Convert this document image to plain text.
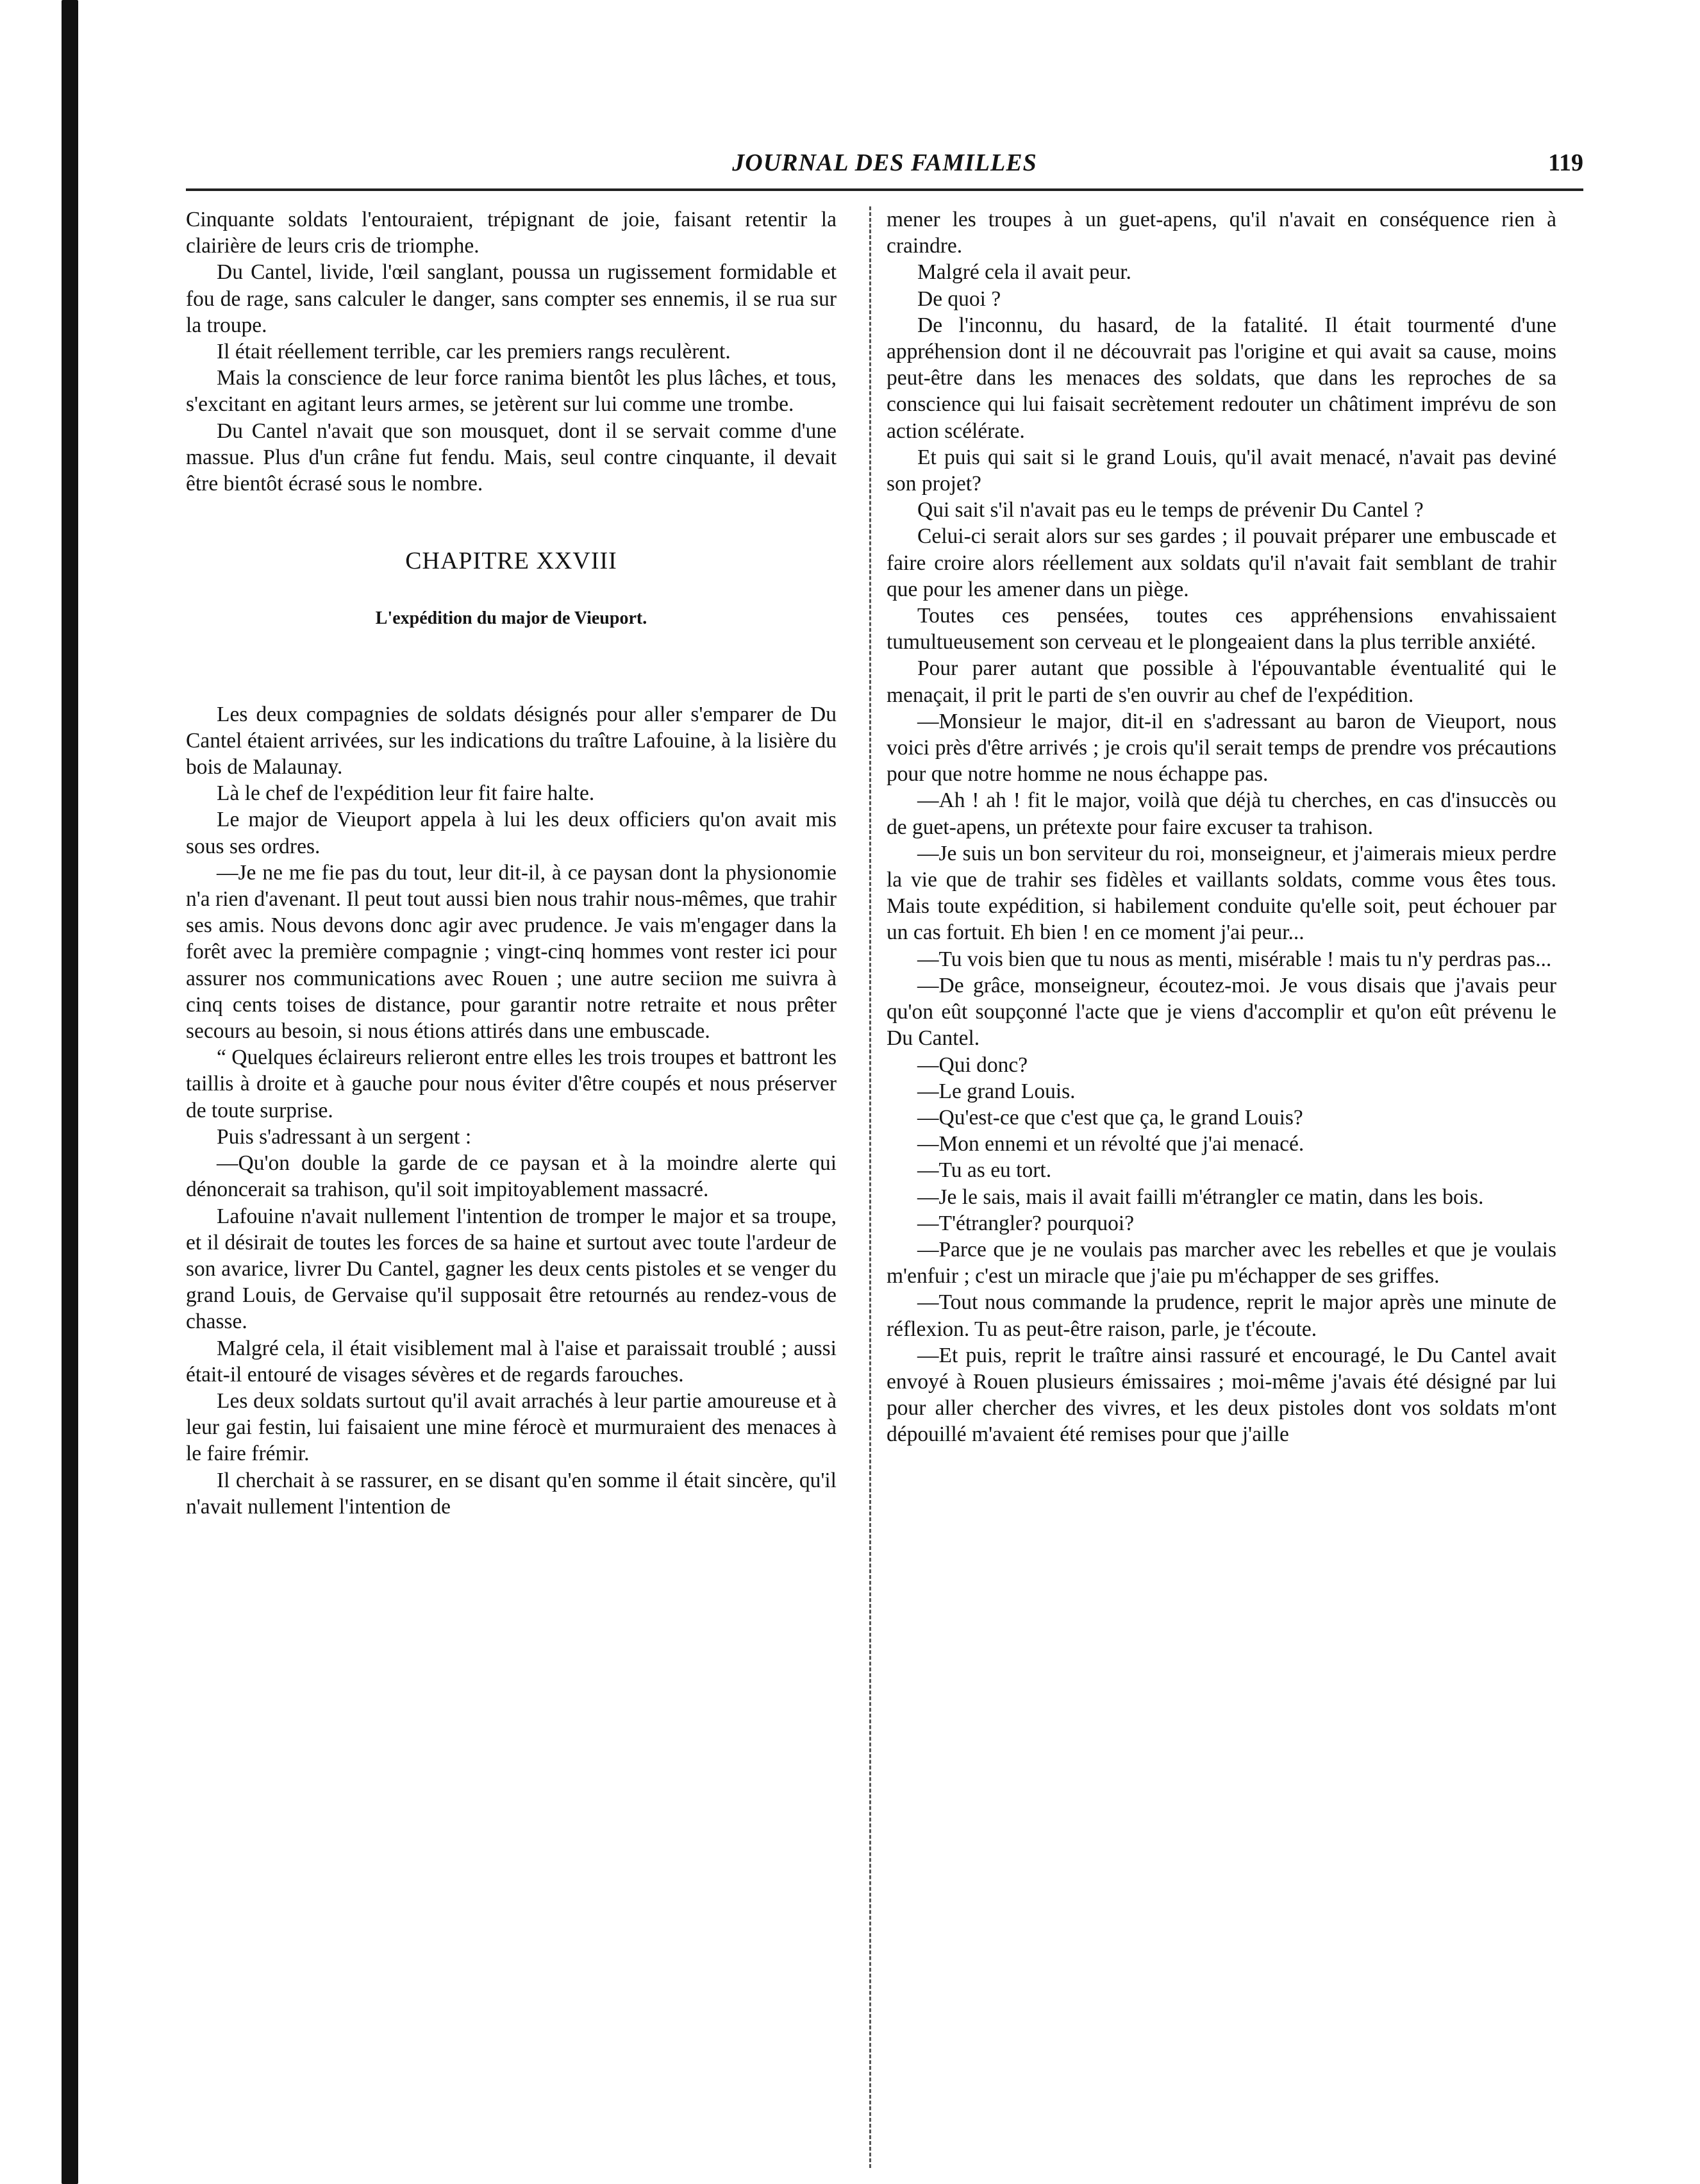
JOURNAL DES FAMILLES	119

Cinquante soldats l'entouraient, trépignant de joie, faisant retentir la clairière de leurs cris de triomphe.

Du Cantel, livide, l'œil sanglant, poussa un rugissement formidable et fou de rage, sans calculer le danger, sans compter ses ennemis, il se rua sur la troupe.

Il était réellement terrible, car les premiers rangs reculèrent.

Mais la conscience de leur force ranima bientôt les plus lâches, et tous, s'excitant en agitant leurs armes, se jetèrent sur lui comme une trombe.

Du Cantel n'avait que son mousquet, dont il se servait comme d'une massue. Plus d'un crâne fut fendu. Mais, seul contre cinquante, il devait être bientôt écrasé sous le nombre.

CHAPITRE XXVIII
L'expédition du major de Vieuport.

Les deux compagnies de soldats désignés pour aller s'emparer de Du Cantel étaient arrivées, sur les indications du traître Lafouine, à la lisière du bois de Malaunay.

Là le chef de l'expédition leur fit faire halte.

Le major de Vieuport appela à lui les deux officiers qu'on avait mis sous ses ordres.

—Je ne me fie pas du tout, leur dit-il, à ce paysan dont la physionomie n'a rien d'avenant. Il peut tout aussi bien nous trahir nous-mêmes, que trahir ses amis. Nous devons donc agir avec prudence. Je vais m'engager dans la forêt avec la première compagnie ; vingt-cinq hommes vont rester ici pour assurer nos communications avec Rouen ; une autre seciion me suivra à cinq cents toises de distance, pour garantir notre retraite et nous prêter secours au besoin, si nous étions attirés dans une embuscade.

“ Quelques éclaireurs relieront entre elles les trois troupes et battront les taillis à droite et à gauche pour nous éviter d'être coupés et nous préserver de toute surprise.

Puis s'adressant à un sergent :

—Qu'on double la garde de ce paysan et à la moindre alerte qui dénoncerait sa trahison, qu'il soit impitoyablement massacré.

Lafouine n'avait nullement l'intention de tromper le major et sa troupe, et il désirait de toutes les forces de sa haine et surtout avec toute l'ardeur de son avarice, livrer Du Cantel, gagner les deux cents pistoles et se venger du grand Louis, de Gervaise qu'il supposait être retournés au rendez-vous de chasse.

Malgré cela, il était visiblement mal à l'aise et paraissait troublé ; aussi était-il entouré de visages sévères et de regards farouches.

Les deux soldats surtout qu'il avait arrachés à leur partie amoureuse et à leur gai festin, lui faisaient une mine férocè et murmuraient des menaces à le faire frémir.

Il cherchait à se rassurer, en se disant qu'en somme il était sincère, qu'il n'avait nullement l'intention de

mener les troupes à un guet-apens, qu'il n'avait en conséquence rien à craindre.

Malgré cela il avait peur.

De quoi ?

De l'inconnu, du hasard, de la fatalité. Il était tourmenté d'une appréhension dont il ne découvrait pas l'origine et qui avait sa cause, moins peut-être dans les menaces des soldats, que dans les reproches de sa conscience qui lui faisait secrètement redouter un châtiment imprévu de son action scélérate.

Et puis qui sait si le grand Louis, qu'il avait menacé, n'avait pas deviné son projet?

Qui sait s'il n'avait pas eu le temps de prévenir Du Cantel ?

Celui-ci serait alors sur ses gardes ; il pouvait préparer une embuscade et faire croire alors réellement aux soldats qu'il n'avait fait semblant de trahir que pour les amener dans un piège.

Toutes ces pensées, toutes ces appréhensions envahissaient tumultueusement son cerveau et le plongeaient dans la plus terrible anxiété.

Pour parer autant que possible à l'épouvantable éventualité qui le menaçait, il prit le parti de s'en ouvrir au chef de l'expédition.

—Monsieur le major, dit-il en s'adressant au baron de Vieuport, nous voici près d'être arrivés ; je crois qu'il serait temps de prendre vos précautions pour que notre homme ne nous échappe pas.

—Ah ! ah ! fit le major, voilà que déjà tu cherches, en cas d'insuccès ou de guet-apens, un prétexte pour faire excuser ta trahison.

—Je suis un bon serviteur du roi, monseigneur, et j'aimerais mieux perdre la vie que de trahir ses fidèles et vaillants soldats, comme vous êtes tous. Mais toute expédition, si habilement conduite qu'elle soit, peut échouer par un cas fortuit. Eh bien ! en ce moment j'ai peur...

—Tu vois bien que tu nous as menti, misérable ! mais tu n'y perdras pas...

—De grâce, monseigneur, écoutez-moi. Je vous disais que j'avais peur qu'on eût soupçonné l'acte que je viens d'accomplir et qu'on eût prévenu le Du Cantel.

—Qui donc?

—Le grand Louis.

—Qu'est-ce que c'est que ça, le grand Louis?

—Mon ennemi et un révolté que j'ai menacé.

—Tu as eu tort.

—Je le sais, mais il avait failli m'étrangler ce matin, dans les bois.

—T'étrangler? pourquoi?

—Parce que je ne voulais pas marcher avec les rebelles et que je voulais m'enfuir ; c'est un miracle que j'aie pu m'échapper de ses griffes.

—Tout nous commande la prudence, reprit le major après une minute de réflexion. Tu as peut-être raison, parle, je t'écoute.

—Et puis, reprit le traître ainsi rassuré et encouragé, le Du Cantel avait envoyé à Rouen plusieurs émissaires ; moi-même j'avais été désigné par lui pour aller chercher des vivres, et les deux pistoles dont vos soldats m'ont dépouillé m'avaient été remises pour que j'aille
